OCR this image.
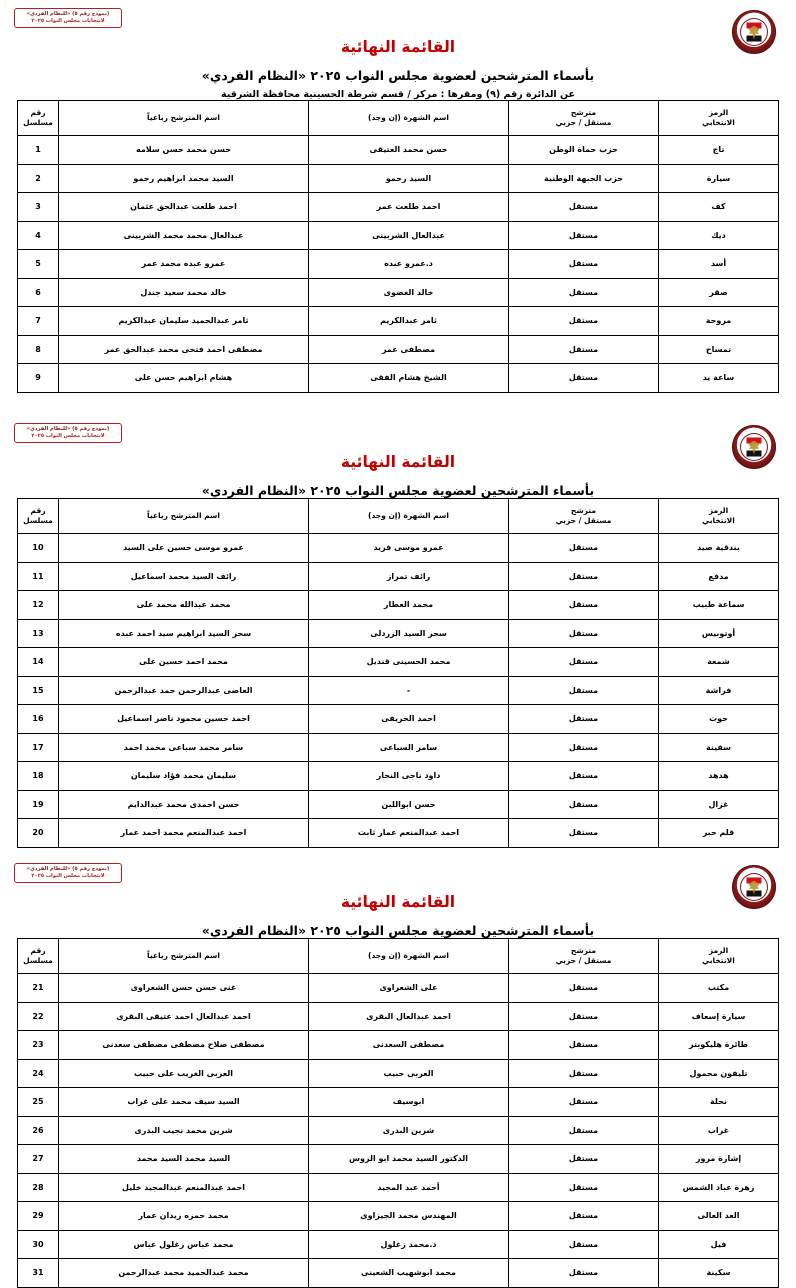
(نموذج رقم ٥) «للنظام الفردي»
لانتخابات مجلس النواب ٢٠٢٥
القائمة النهائية
بأسماء المترشحين لعضوية مجلس النواب ٢٠٢٥ «النظام الفردي»
عن الدائرة رقم (٩) ومقرها : مركز / قسم شرطة الحسينية محافظة الشرقية
الرمز
الانتخابي	مترشح
مستقل / حزبي	اسم الشهرة (إن وجد)	اسم المترشح رباعياً	رقم
مسلسل
تاج	حزب حماة الوطن	حسن محمد العتيقى	حسن محمد حسن سلامه	1
سيارة	حزب الجبهة الوطنية	السيد رحمو	السيد محمد ابراهيم رحمو	2
كف	مستقل	احمد طلعت عمر	احمد طلعت عبدالحق عثمان	3
ديك	مستقل	عبدالعال الشربينى	عبدالعال محمد محمد الشربينى	4
أسد	مستقل	د.عمرو عبده	عمرو عبده محمد عمر	5
صقر	مستقل	خالد الغضوى	خالد محمد سعيد جندل	6
مروحة	مستقل	ثامر عبدالكريم	ثامر عبدالحميد سليمان عبدالكريم	7
تمساح	مستقل	مصطفى عمر	مصطفى احمد فتحى محمد عبدالحق عمر	8
ساعة يد	مستقل	الشيخ هشام الفقى	هشام ابراهيم حسن على	9
(نموذج رقم ٥) «للنظام الفردي»
لانتخابات مجلس النواب ٢٠٢٥
القائمة النهائية
بأسماء المترشحين لعضوية مجلس النواب ٢٠٢٥ «النظام الفردي»
الرمز
الانتخابي	مترشح
مستقل / حزبي	اسم الشهرة (إن وجد)	اسم المترشح رباعياً	رقم
مسلسل
بندقية صيد	مستقل	عمرو موسى فريد	عمرو موسى حسين على السيد	10
مدفع	مستقل	رائف تمراز	رائف السيد محمد اسماعيل	11
سماعة طبيب	مستقل	محمد العطار	محمد عبدالله محمد على	12
أوتوبيس	مستقل	سحر السيد الزردلى	سحر السيد ابراهيم سيد احمد عبده	13
شمعة	مستقل	محمد الحسينى قنديل	محمد احمد حسين على	14
فراشة	مستقل	-	العاصى عبدالرحمن حمد عبدالرحمن	15
حوت	مستقل	احمد الحريفى	احمد حسين محمود ناصر اسماعيل	16
سفينة	مستقل	سامر السباعى	سامر محمد سباعى محمد احمد	17
هدهد	مستقل	داود ناجى النجار	سليمان محمد فؤاد سليمان	18
غزال	مستقل	حسن ابواللبن	حسن احمدى محمد عبدالدايم	19
قلم حبر	مستقل	احمد عبدالمنعم عمار ثابت	احمد عبدالمنعم محمد احمد عمار	20
(نموذج رقم ٥) «للنظام الفردي»
لانتخابات مجلس النواب ٢٠٢٥
القائمة النهائية
بأسماء المترشحين لعضوية مجلس النواب ٢٠٢٥ «النظام الفردي»
الرمز
الانتخابي	مترشح
مستقل / حزبي	اسم الشهرة (إن وجد)	اسم المترشح رباعياً	رقم
مسلسل
مكتب	مستقل	على الشعراوى	غنى حسن حسن الشعراوى	21
سيارة إسعاف	مستقل	احمد عبدالعال البقرى	احمد عبدالعال احمد عتيقى البقرى	22
طائرة هليكوبتر	مستقل	مصطفى السعدنى	مصطفى صلاح مصطفى مصطفى سعدنى	23
تليفون محمول	مستقل	العربى حبيب	العربى الغريب على حبيب	24
نحلة	مستقل	ابوسيف	السيد سيف محمد على غراب	25
غراب	مستقل	شرين البدرى	شرين محمد نجيب البدرى	26
إشارة مرور	مستقل	الدكتور السيد محمد ابو الروس	السيد محمد السيد محمد	27
زهرة عباد الشمس	مستقل	أحمد عبد المجيد	احمد عبدالمنعم عبدالمجيد خليل	28
العد العالى	مستقل	المهندس محمد الجيزاوى	محمد حمزه زيدان عمار	29
فيل	مستقل	د.محمد زغلول	محمد عباس زغلول عباس	30
سكينة	مستقل	محمد ابوشهيب الشعينى	محمد عبدالحميد محمد عبدالرحمن	31
